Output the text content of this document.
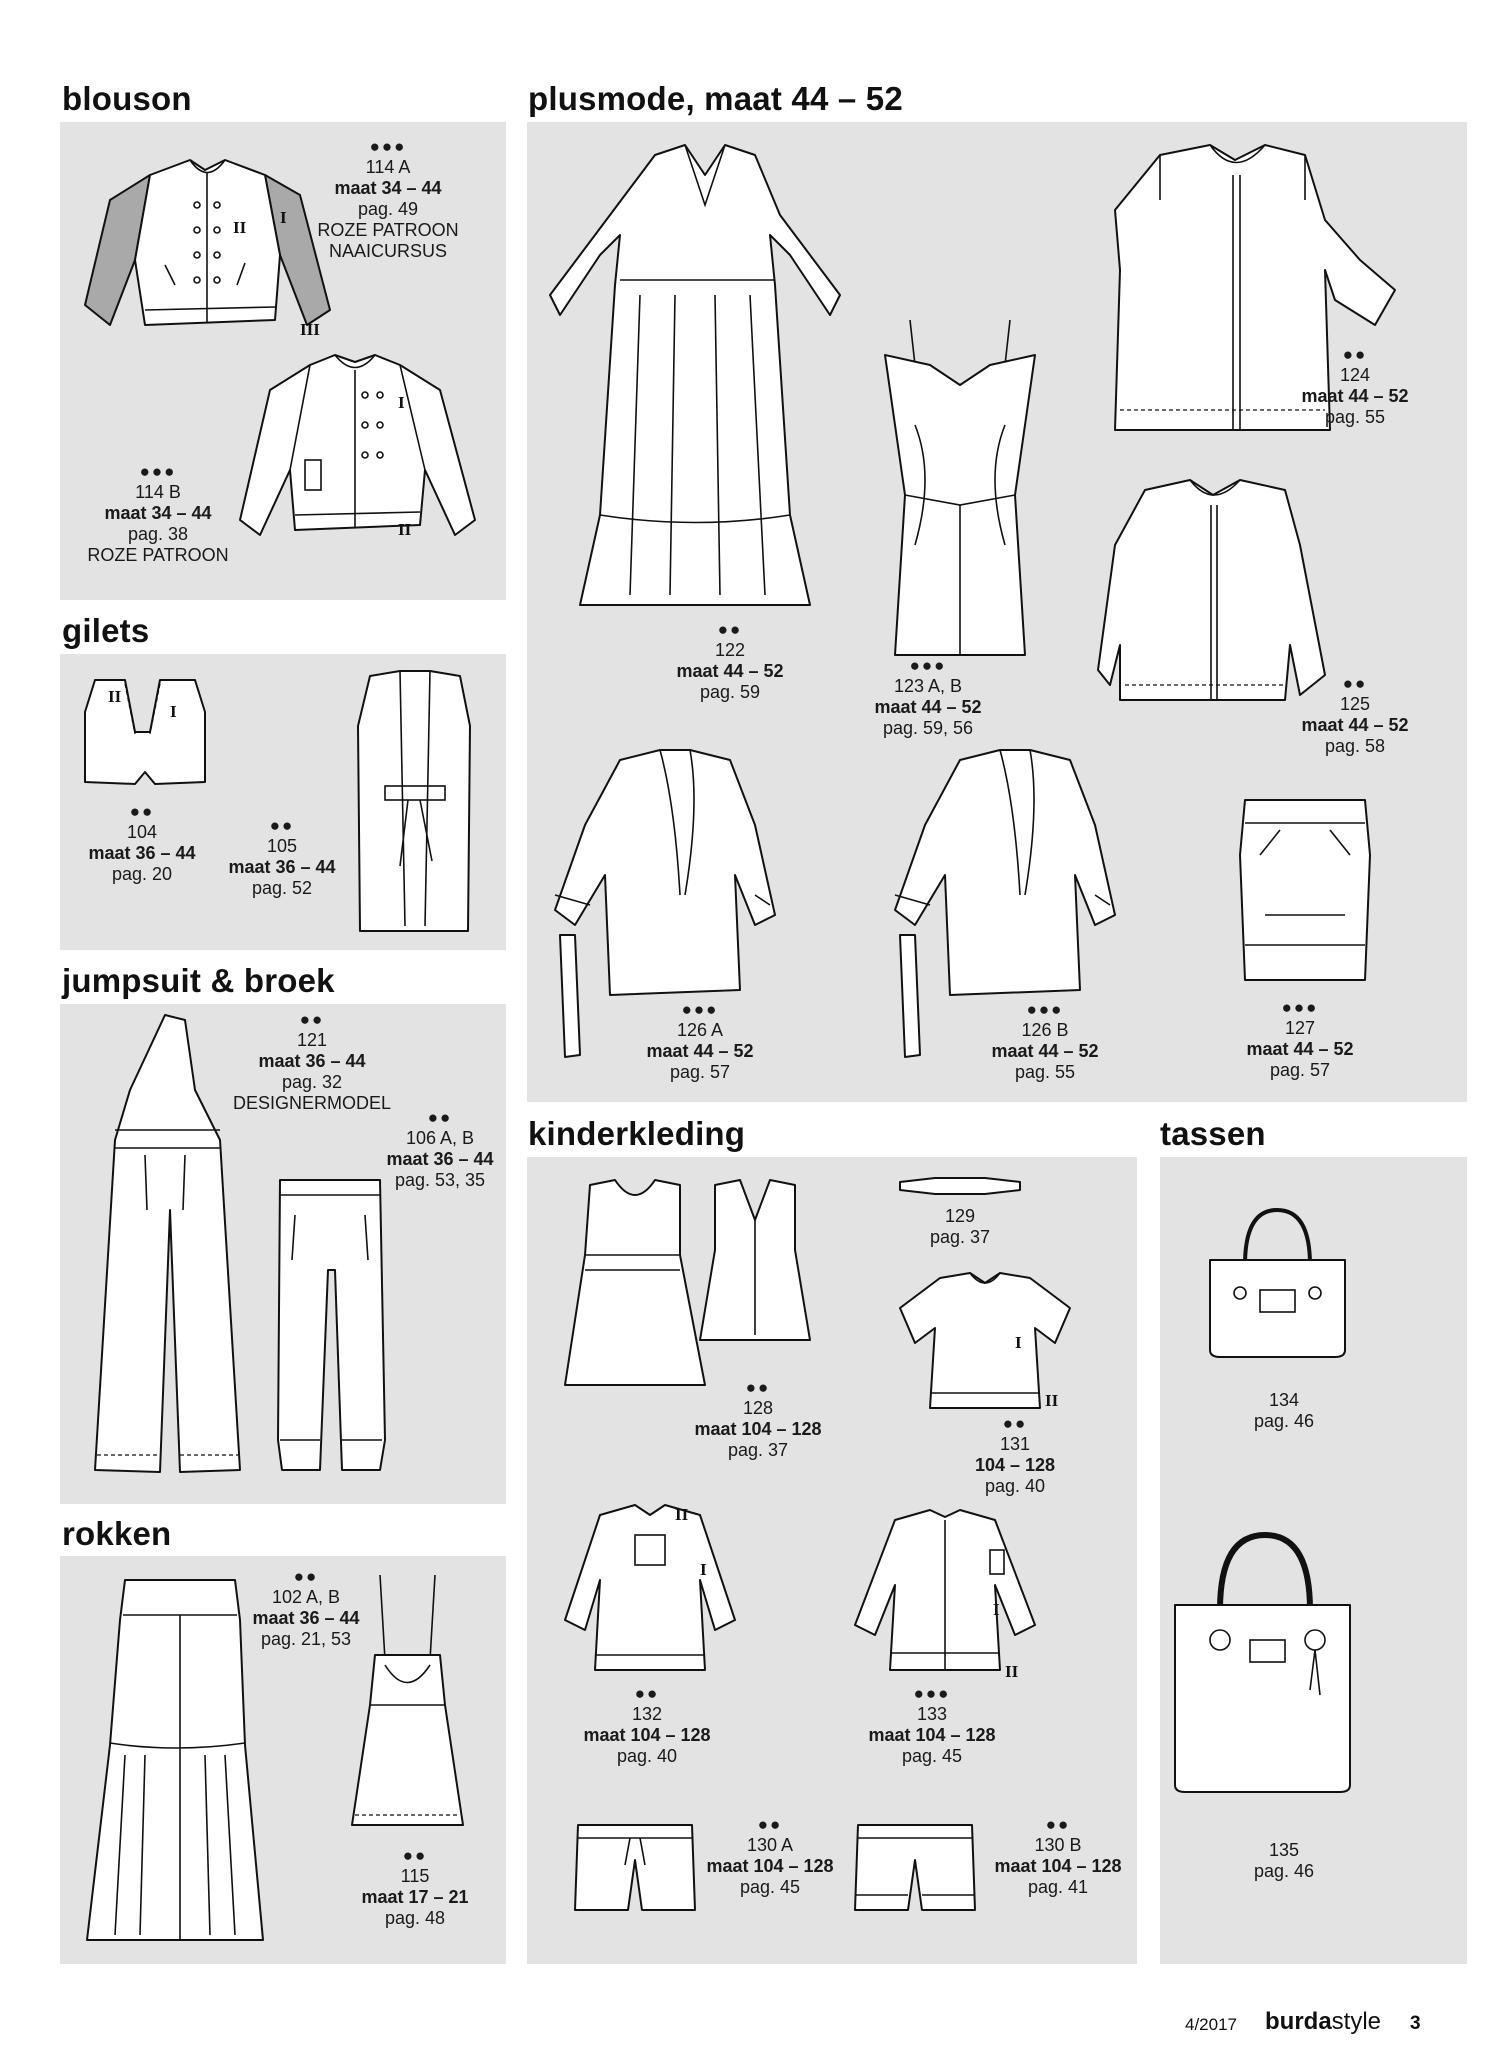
blouson	plusmode, maat 44 – 52
gilets
jumpsuit & broek
rokken
kinderkleding	tassen
II
I
III
●●●
114 A
maat 34 – 44
pag. 49
ROZE PATROON
NAAICURSUS
I
II
●●●
114 B
maat 34 – 44
pag. 38
ROZE PATROON
II
I
●●
104
maat 36 – 44
pag. 20
●●
105
maat 36 – 44
pag. 52
●●
121
maat 36 – 44
pag. 32
DESIGNERMODEL
●●
106 A, B
maat 36 – 44
pag. 53, 35
●●
102 A, B
maat 36 – 44
pag. 21, 53
●●
115
maat 17 – 21
pag. 48
●●
122
maat 44 – 52
pag. 59
●●●
123 A, B
maat 44 – 52
pag. 59, 56
●●
124
maat 44 – 52
pag. 55
●●
125
maat 44 – 52
pag. 58
●●●
126 A
maat 44 – 52
pag. 57
●●●
126 B
maat 44 – 52
pag. 55
●●●
127
maat 44 – 52
pag. 57
●●
128
maat 104 – 128
pag. 37
129
pag. 37
I
II
●●
131
104 – 128
pag. 40
I
II
●●
132
maat 104 – 128
pag. 40
I
II
●●●
133
maat 104 – 128
pag. 45
●●
130 A
maat 104 – 128
pag. 45
●●
130 B
maat 104 – 128
pag. 41
134
pag. 46
135
pag. 46
4/2017 burdastyle 3
